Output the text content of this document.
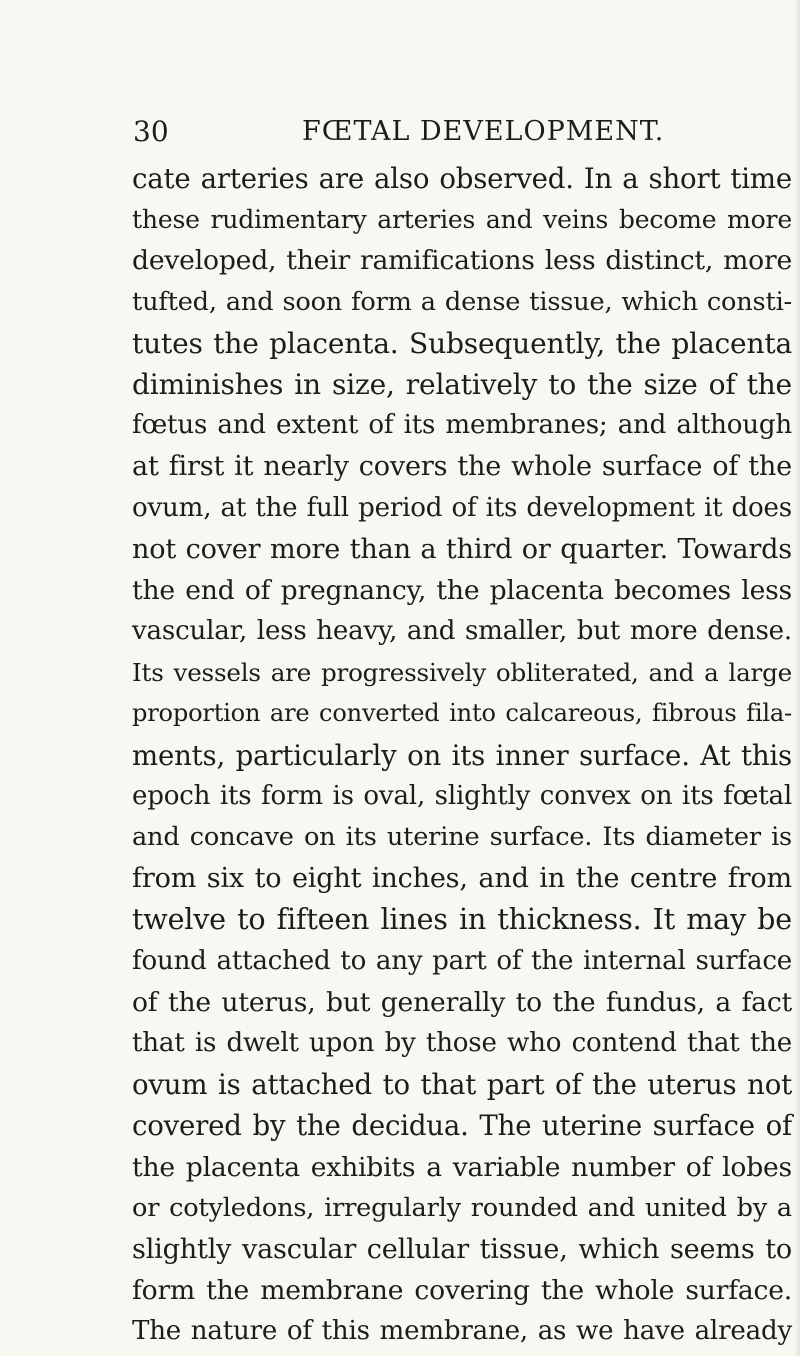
30	FŒTAL DEVELOPMENT.
cate arteries are also observed. In a short time
these rudimentary arteries and veins become more
developed, their ramifications less distinct, more
tufted, and soon form a dense tissue, which consti-
tutes the placenta. Subsequently, the placenta
diminishes in size, relatively to the size of the
fœtus and extent of its membranes; and although
at first it nearly covers the whole surface of the
ovum, at the full period of its development it does
not cover more than a third or quarter. Towards
the end of pregnancy, the placenta becomes less
vascular, less heavy, and smaller, but more dense.
Its vessels are progressively obliterated, and a large
proportion are converted into calcareous, fibrous fila-
ments, particularly on its inner surface. At this
epoch its form is oval, slightly convex on its fœtal
and concave on its uterine surface. Its diameter is
from six to eight inches, and in the centre from
twelve to fifteen lines in thickness. It may be
found attached to any part of the internal surface
of the uterus, but generally to the fundus, a fact
that is dwelt upon by those who contend that the
ovum is attached to that part of the uterus not
covered by the decidua. The uterine surface of
the placenta exhibits a variable number of lobes
or cotyledons, irregularly rounded and united by a
slightly vascular cellular tissue, which seems to
form the membrane covering the whole surface.
The nature of this membrane, as we have already
